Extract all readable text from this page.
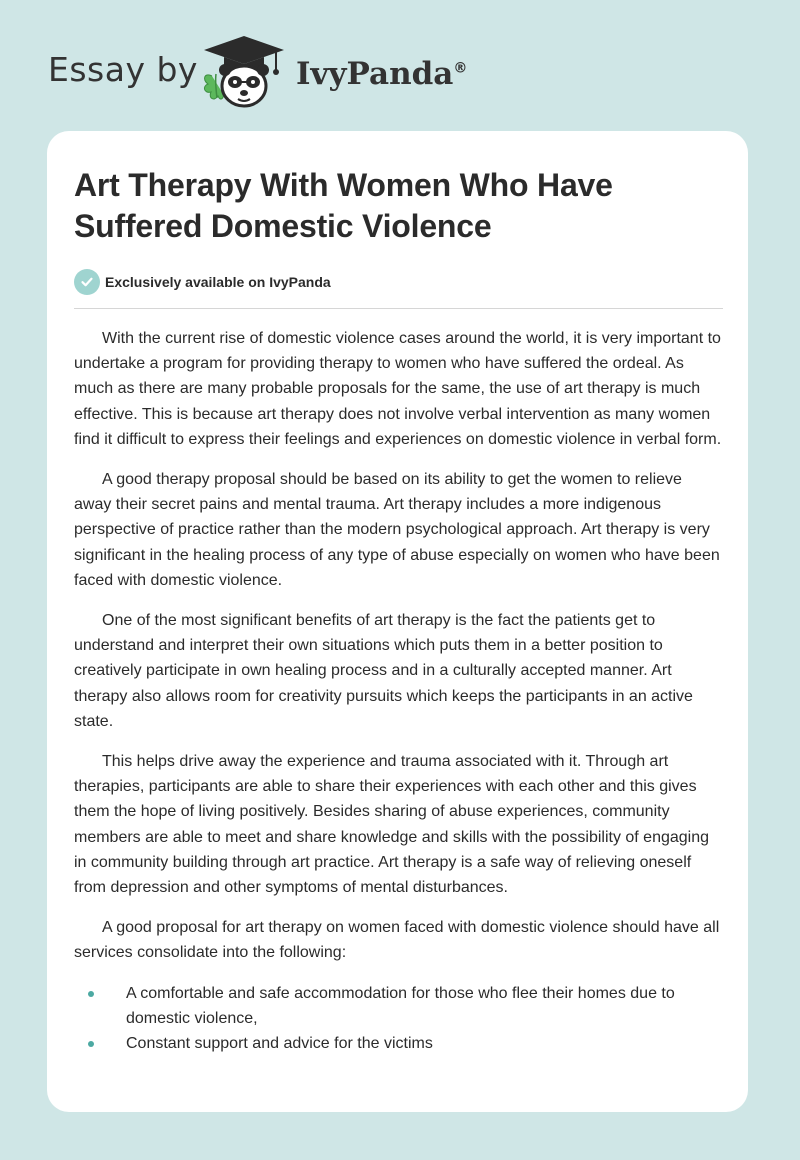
Essay by	IvyPanda®
Art Therapy With Women Who Have Suffered Domestic Violence
Exclusively available on IvyPanda

With the current rise of domestic violence cases around the world, it is very important to undertake a program for providing therapy to women who have suffered the ordeal. As much as there are many probable proposals for the same, the use of art therapy is much effective. This is because art therapy does not involve verbal intervention as many women find it difficult to express their feelings and experiences on domestic violence in verbal form.

A good therapy proposal should be based on its ability to get the women to relieve away their secret pains and mental trauma. Art therapy includes a more indigenous perspective of practice rather than the modern psychological approach. Art therapy is very significant in the healing process of any type of abuse especially on women who have been faced with domestic violence.

One of the most significant benefits of art therapy is the fact the patients get to understand and interpret their own situations which puts them in a better position to creatively participate in own healing process and in a culturally accepted manner. Art therapy also allows room for creativity pursuits which keeps the participants in an active state.

This helps drive away the experience and trauma associated with it. Through art therapies, participants are able to share their experiences with each other and this gives them the hope of living positively. Besides sharing of abuse experiences, community members are able to meet and share knowledge and skills with the possibility of engaging in community building through art practice. Art therapy is a safe way of relieving oneself from depression and other symptoms of mental disturbances.

A good proposal for art therapy on women faced with domestic violence should have all services consolidate into the following:

A comfortable and safe accommodation for those who flee their homes due to domestic violence,
Constant support and advice for the victims
